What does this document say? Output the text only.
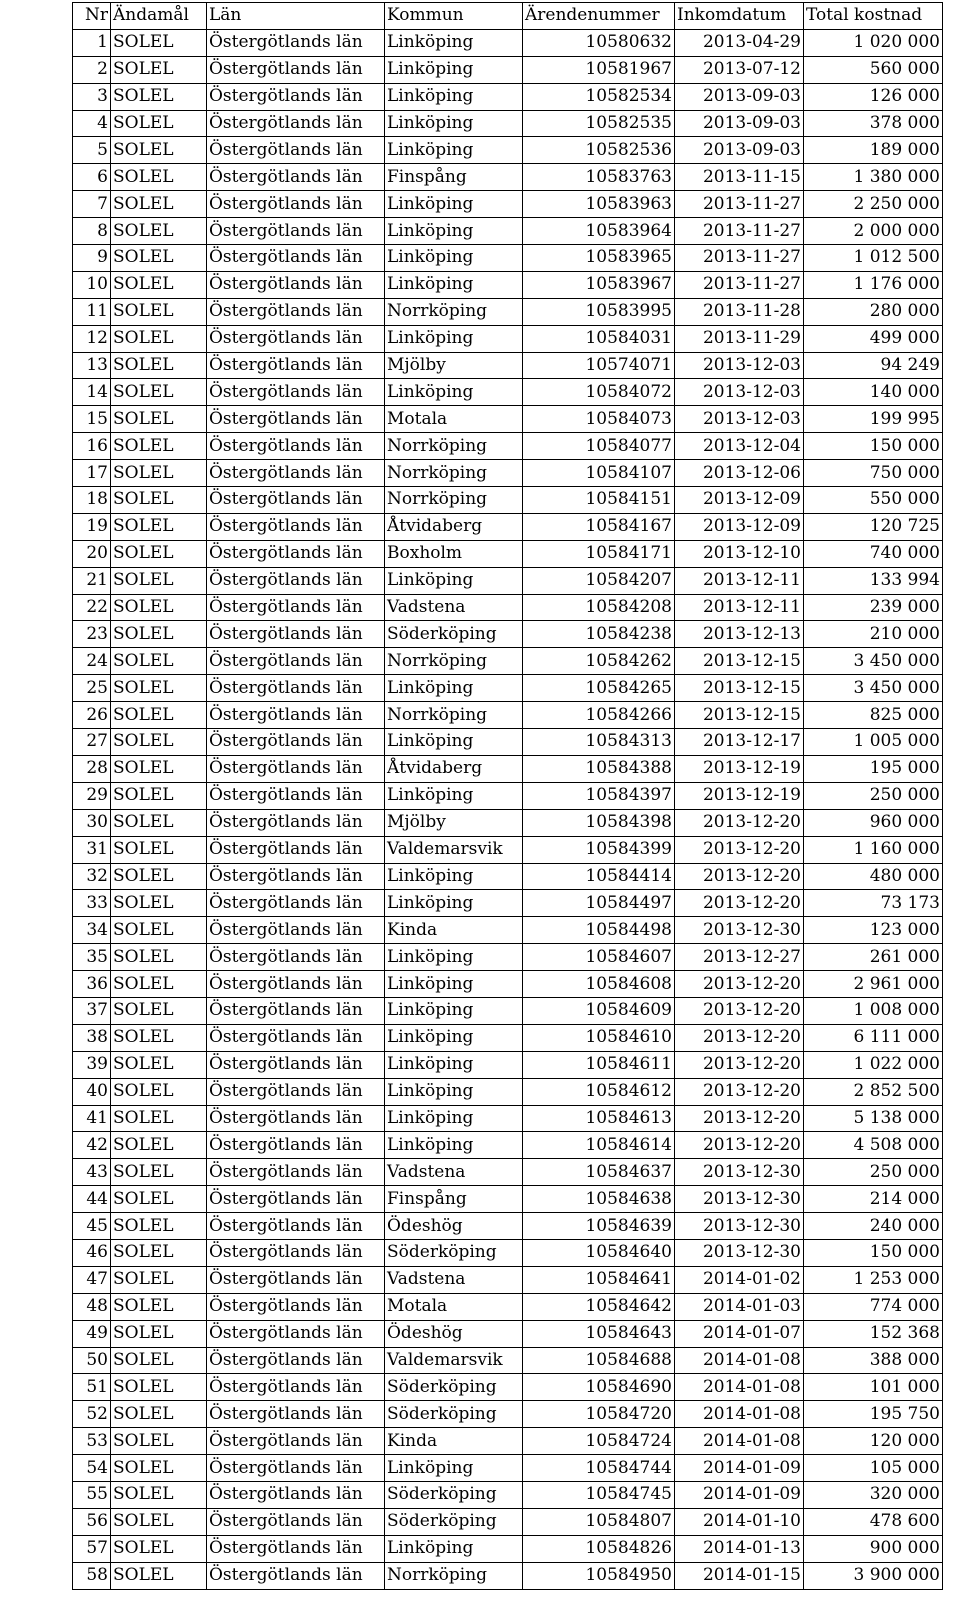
Nr	Ändamål	Län	Kommun	Ärendenummer	Inkomdatum	Total kostnad
1	SOLEL	Östergötlands län	Linköping	10580632	2013-04-29	1 020 000
2	SOLEL	Östergötlands län	Linköping	10581967	2013-07-12	560 000
3	SOLEL	Östergötlands län	Linköping	10582534	2013-09-03	126 000
4	SOLEL	Östergötlands län	Linköping	10582535	2013-09-03	378 000
5	SOLEL	Östergötlands län	Linköping	10582536	2013-09-03	189 000
6	SOLEL	Östergötlands län	Finspång	10583763	2013-11-15	1 380 000
7	SOLEL	Östergötlands län	Linköping	10583963	2013-11-27	2 250 000
8	SOLEL	Östergötlands län	Linköping	10583964	2013-11-27	2 000 000
9	SOLEL	Östergötlands län	Linköping	10583965	2013-11-27	1 012 500
10	SOLEL	Östergötlands län	Linköping	10583967	2013-11-27	1 176 000
11	SOLEL	Östergötlands län	Norrköping	10583995	2013-11-28	280 000
12	SOLEL	Östergötlands län	Linköping	10584031	2013-11-29	499 000
13	SOLEL	Östergötlands län	Mjölby	10574071	2013-12-03	94 249
14	SOLEL	Östergötlands län	Linköping	10584072	2013-12-03	140 000
15	SOLEL	Östergötlands län	Motala	10584073	2013-12-03	199 995
16	SOLEL	Östergötlands län	Norrköping	10584077	2013-12-04	150 000
17	SOLEL	Östergötlands län	Norrköping	10584107	2013-12-06	750 000
18	SOLEL	Östergötlands län	Norrköping	10584151	2013-12-09	550 000
19	SOLEL	Östergötlands län	Åtvidaberg	10584167	2013-12-09	120 725
20	SOLEL	Östergötlands län	Boxholm	10584171	2013-12-10	740 000
21	SOLEL	Östergötlands län	Linköping	10584207	2013-12-11	133 994
22	SOLEL	Östergötlands län	Vadstena	10584208	2013-12-11	239 000
23	SOLEL	Östergötlands län	Söderköping	10584238	2013-12-13	210 000
24	SOLEL	Östergötlands län	Norrköping	10584262	2013-12-15	3 450 000
25	SOLEL	Östergötlands län	Linköping	10584265	2013-12-15	3 450 000
26	SOLEL	Östergötlands län	Norrköping	10584266	2013-12-15	825 000
27	SOLEL	Östergötlands län	Linköping	10584313	2013-12-17	1 005 000
28	SOLEL	Östergötlands län	Åtvidaberg	10584388	2013-12-19	195 000
29	SOLEL	Östergötlands län	Linköping	10584397	2013-12-19	250 000
30	SOLEL	Östergötlands län	Mjölby	10584398	2013-12-20	960 000
31	SOLEL	Östergötlands län	Valdemarsvik	10584399	2013-12-20	1 160 000
32	SOLEL	Östergötlands län	Linköping	10584414	2013-12-20	480 000
33	SOLEL	Östergötlands län	Linköping	10584497	2013-12-20	73 173
34	SOLEL	Östergötlands län	Kinda	10584498	2013-12-30	123 000
35	SOLEL	Östergötlands län	Linköping	10584607	2013-12-27	261 000
36	SOLEL	Östergötlands län	Linköping	10584608	2013-12-20	2 961 000
37	SOLEL	Östergötlands län	Linköping	10584609	2013-12-20	1 008 000
38	SOLEL	Östergötlands län	Linköping	10584610	2013-12-20	6 111 000
39	SOLEL	Östergötlands län	Linköping	10584611	2013-12-20	1 022 000
40	SOLEL	Östergötlands län	Linköping	10584612	2013-12-20	2 852 500
41	SOLEL	Östergötlands län	Linköping	10584613	2013-12-20	5 138 000
42	SOLEL	Östergötlands län	Linköping	10584614	2013-12-20	4 508 000
43	SOLEL	Östergötlands län	Vadstena	10584637	2013-12-30	250 000
44	SOLEL	Östergötlands län	Finspång	10584638	2013-12-30	214 000
45	SOLEL	Östergötlands län	Ödeshög	10584639	2013-12-30	240 000
46	SOLEL	Östergötlands län	Söderköping	10584640	2013-12-30	150 000
47	SOLEL	Östergötlands län	Vadstena	10584641	2014-01-02	1 253 000
48	SOLEL	Östergötlands län	Motala	10584642	2014-01-03	774 000
49	SOLEL	Östergötlands län	Ödeshög	10584643	2014-01-07	152 368
50	SOLEL	Östergötlands län	Valdemarsvik	10584688	2014-01-08	388 000
51	SOLEL	Östergötlands län	Söderköping	10584690	2014-01-08	101 000
52	SOLEL	Östergötlands län	Söderköping	10584720	2014-01-08	195 750
53	SOLEL	Östergötlands län	Kinda	10584724	2014-01-08	120 000
54	SOLEL	Östergötlands län	Linköping	10584744	2014-01-09	105 000
55	SOLEL	Östergötlands län	Söderköping	10584745	2014-01-09	320 000
56	SOLEL	Östergötlands län	Söderköping	10584807	2014-01-10	478 600
57	SOLEL	Östergötlands län	Linköping	10584826	2014-01-13	900 000
58	SOLEL	Östergötlands län	Norrköping	10584950	2014-01-15	3 900 000
